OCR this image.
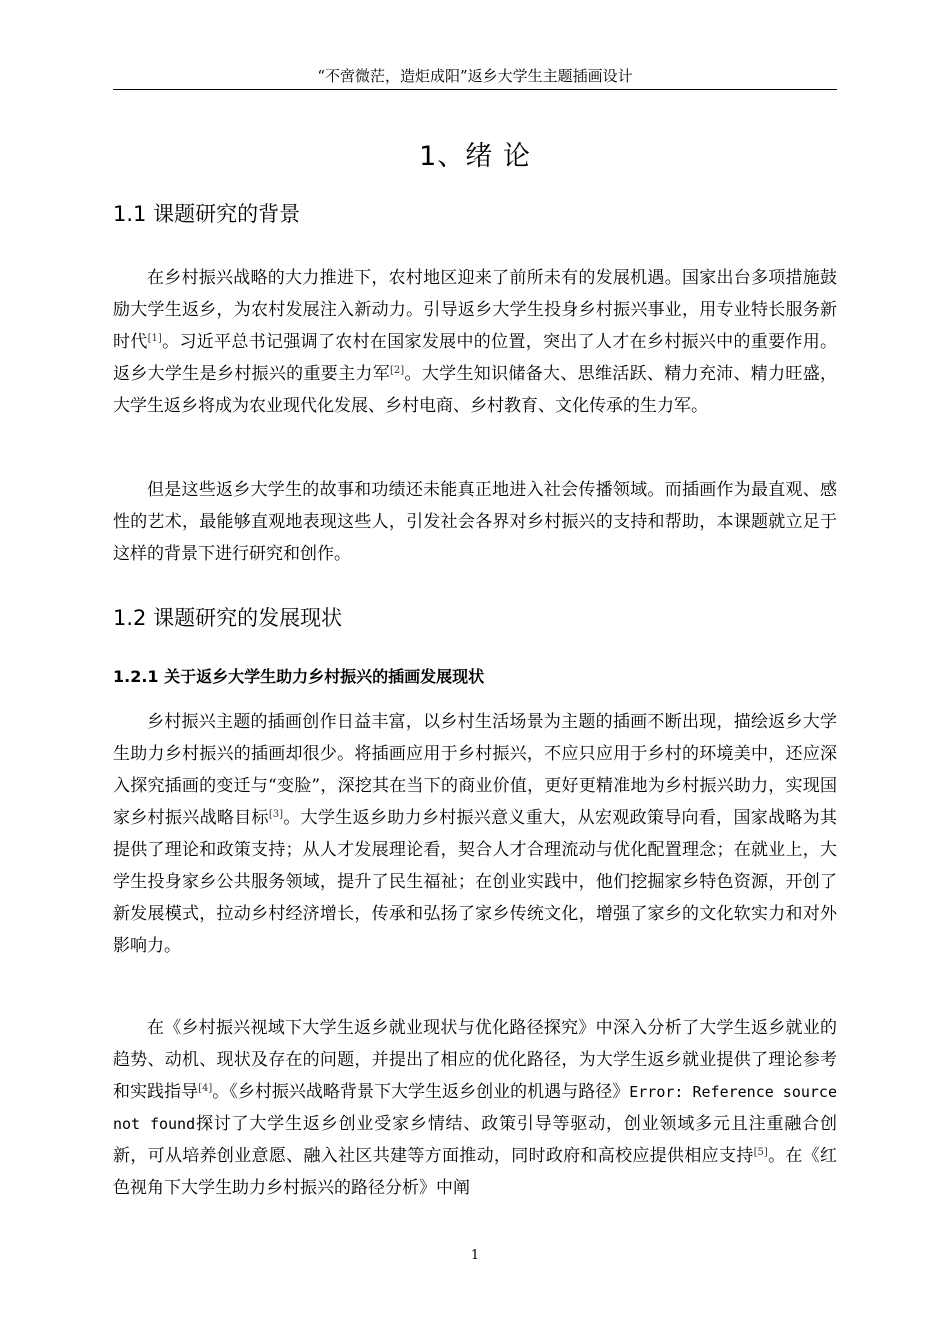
“不啻微茫，造炬成阳”返乡大学生主题插画设计
1、绪 论
1.1 课题研究的背景

在乡村振兴战略的大力推进下，农村地区迎来了前所未有的发展机遇。国家出台多项措施鼓励大学生返乡，为农村发展注入新动力。引导返乡大学生投身乡村振兴事业，用专业特长服务新时代[1]。习近平总书记强调了农村在国家发展中的位置，突出了人才在乡村振兴中的重要作用。返乡大学生是乡村振兴的重要主力军[2]。大学生知识储备大、思维活跃、精力充沛、精力旺盛，大学生返乡将成为农业现代化发展、乡村电商、乡村教育、文化传承的生力军。

但是这些返乡大学生的故事和功绩还未能真正地进入社会传播领域。而插画作为最直观、感性的艺术，最能够直观地表现这些人，引发社会各界对乡村振兴的支持和帮助，本课题就立足于这样的背景下进行研究和创作。

1.2 课题研究的发展现状
1.2.1 关于返乡大学生助力乡村振兴的插画发展现状

乡村振兴主题的插画创作日益丰富，以乡村生活场景为主题的插画不断出现，描绘返乡大学生助力乡村振兴的插画却很少。将插画应用于乡村振兴，不应只应用于乡村的环境美中，还应深入探究插画的变迁与“变脸”，深挖其在当下的商业价值，更好更精准地为乡村振兴助力，实现国家乡村振兴战略目标[3]。大学生返乡助力乡村振兴意义重大，从宏观政策导向看，国家战略为其提供了理论和政策支持；从人才发展理论看，契合人才合理流动与优化配置理念；在就业上，大学生投身家乡公共服务领域，提升了民生福祉；在创业实践中，他们挖掘家乡特色资源，开创了新发展模式，拉动乡村经济增长，传承和弘扬了家乡传统文化，增强了家乡的文化软实力和对外影响力。

在《乡村振兴视域下大学生返乡就业现状与优化路径探究》中深入分析了大学生返乡就业的趋势、动机、现状及存在的问题，并提出了相应的优化路径，为大学生返乡就业提供了理论参考和实践指导[4]。《乡村振兴战略背景下大学生返乡创业的机遇与路径》Error: Reference source not found探讨了大学生返乡创业受家乡情结、政策引导等驱动，创业领域多元且注重融合创新，可从培养创业意愿、融入社区共建等方面推动，同时政府和高校应提供相应支持[5]。在《红色视角下大学生助力乡村振兴的路径分析》中阐

1
